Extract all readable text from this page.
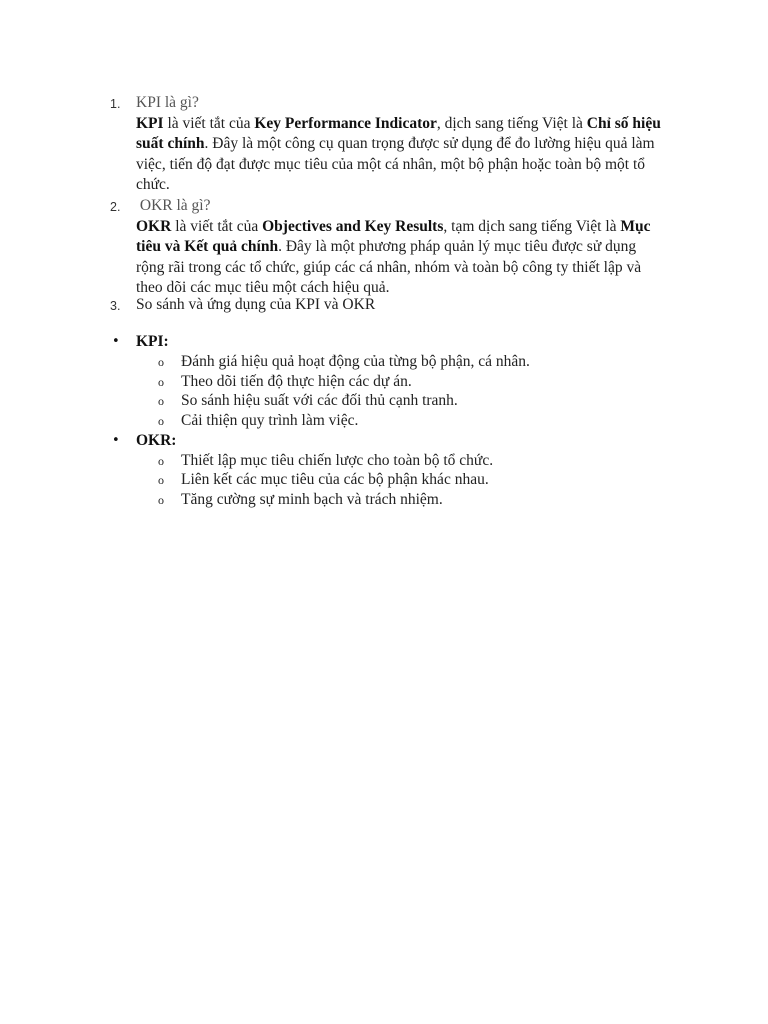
1. KPI là gì?
KPI là viết tắt của Key Performance Indicator, dịch sang tiếng Việt là Chỉ số hiệu suất chính. Đây là một công cụ quan trọng được sử dụng để đo lường hiệu quả làm việc, tiến độ đạt được mục tiêu của một cá nhân, một bộ phận hoặc toàn bộ một tổ chức.
2. OKR là gì?
OKR là viết tắt của Objectives and Key Results, tạm dịch sang tiếng Việt là Mục tiêu và Kết quả chính. Đây là một phương pháp quản lý mục tiêu được sử dụng rộng rãi trong các tổ chức, giúp các cá nhân, nhóm và toàn bộ công ty thiết lập và theo dõi các mục tiêu một cách hiệu quả.
3. So sánh và ứng dụng của KPI và OKR
• KPI:
o Đánh giá hiệu quả hoạt động của từng bộ phận, cá nhân.
o Theo dõi tiến độ thực hiện các dự án.
o So sánh hiệu suất với các đối thủ cạnh tranh.
o Cải thiện quy trình làm việc.
• OKR:
o Thiết lập mục tiêu chiến lược cho toàn bộ tổ chức.
o Liên kết các mục tiêu của các bộ phận khác nhau.
o Tăng cường sự minh bạch và trách nhiệm.
